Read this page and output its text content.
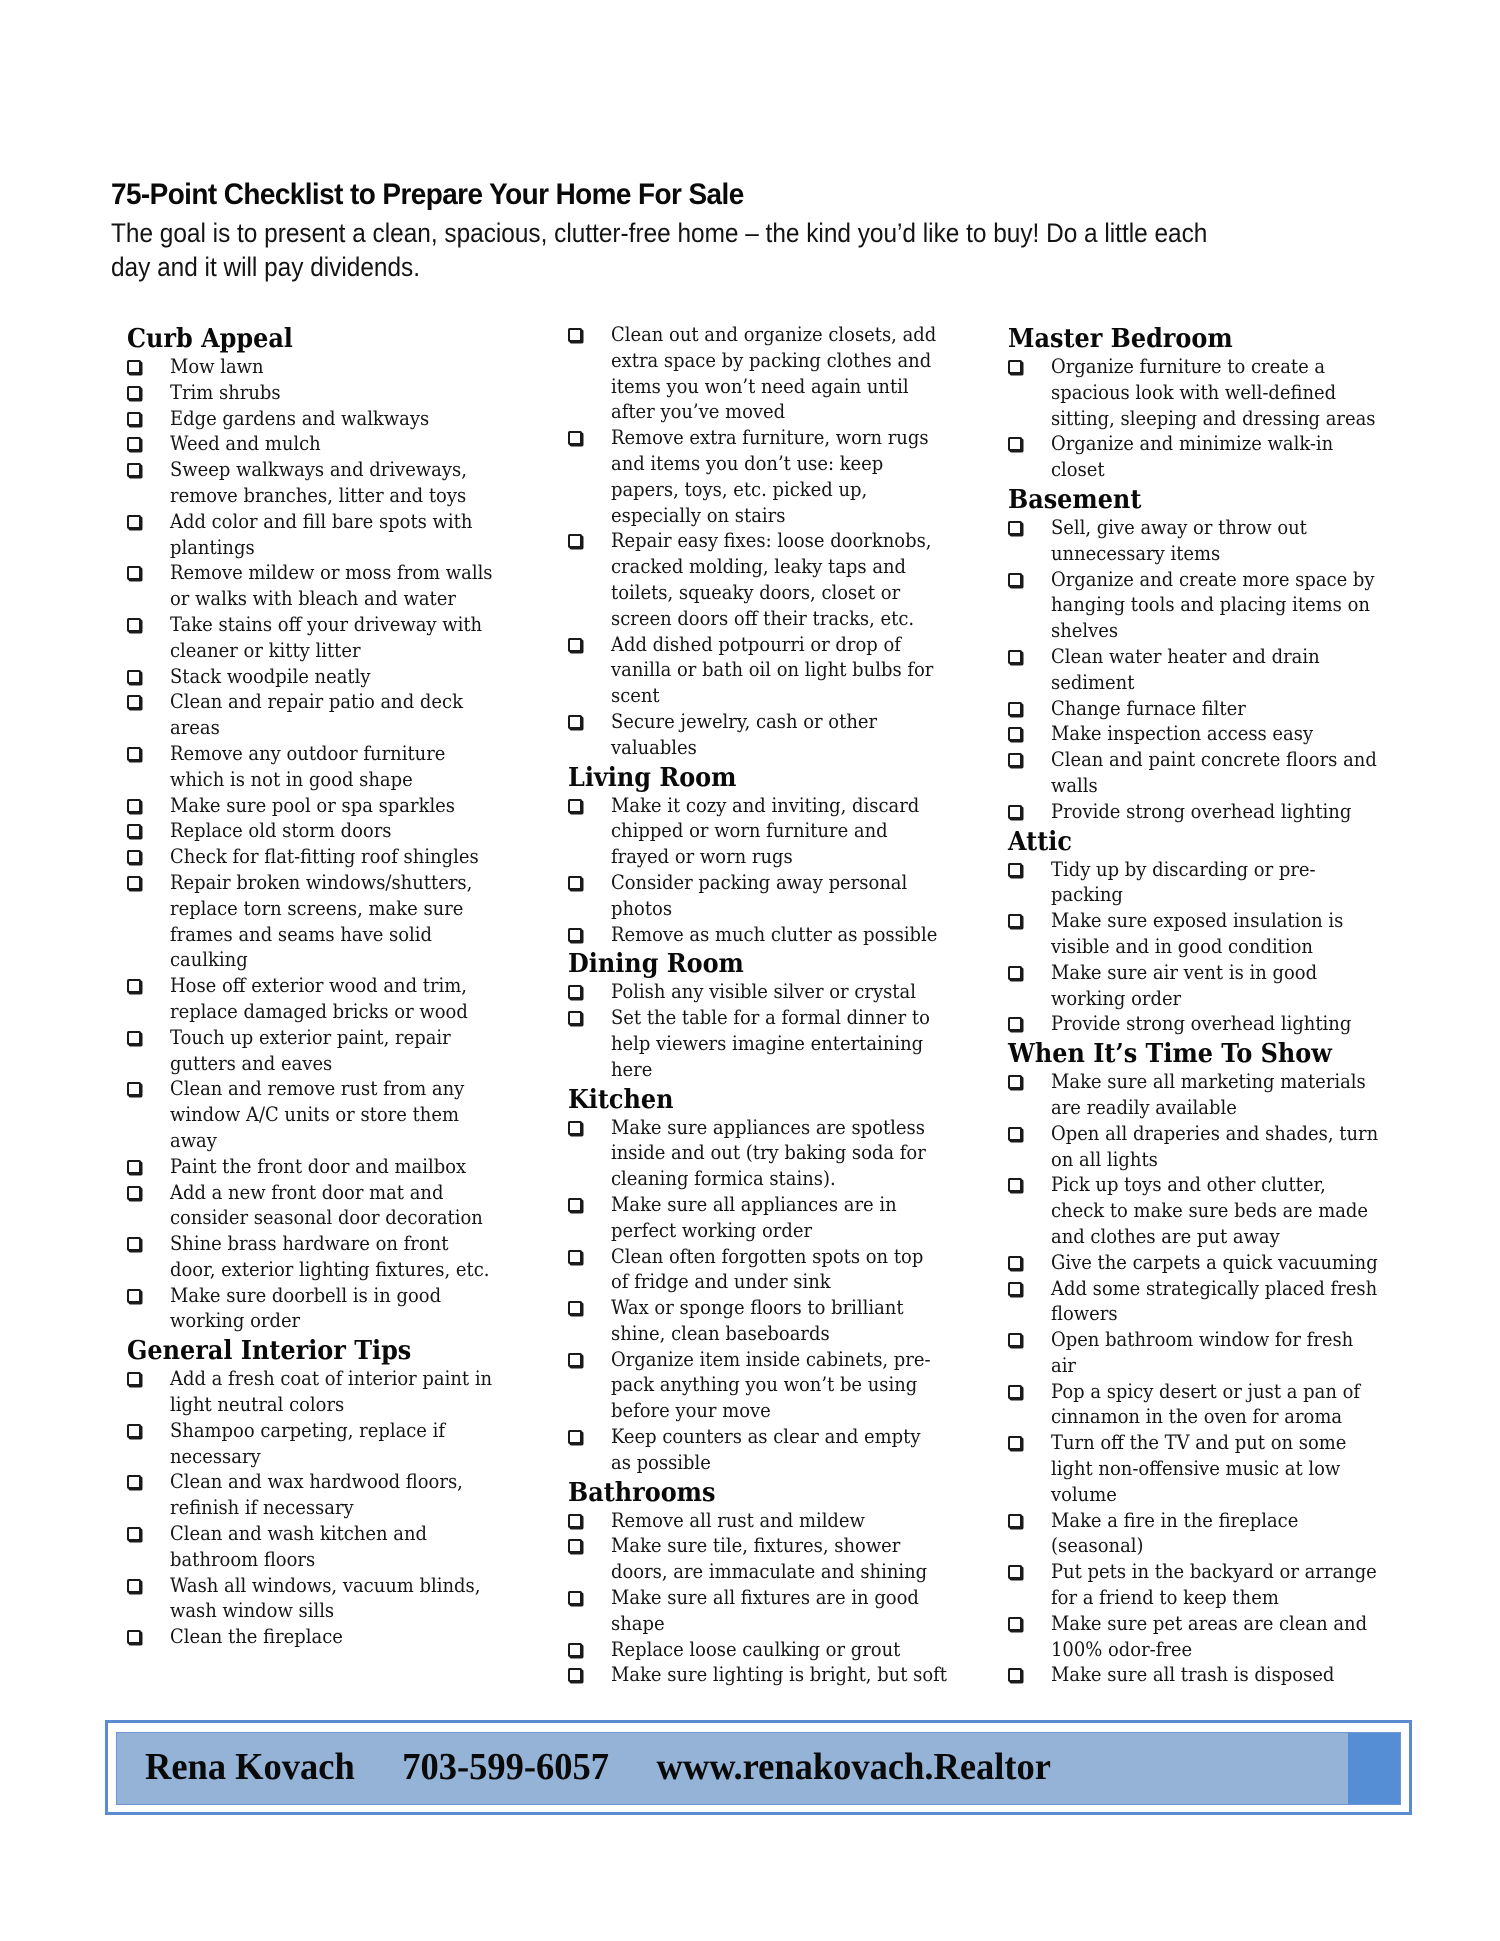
75-Point Checklist to Prepare Your Home For Sale
The goal is to present a clean, spacious, clutter-free home – the kind you’d like to buy! Do a little each
day and it will pay dividends.
Curb Appeal
Mow lawn
Trim shrubs
Edge gardens and walkways
Weed and mulch
Sweep walkways and driveways,
remove branches, litter and toys
Add color and fill bare spots with
plantings
Remove mildew or moss from walls
or walks with bleach and water
Take stains off your driveway with
cleaner or kitty litter
Stack woodpile neatly
Clean and repair patio and deck
areas
Remove any outdoor furniture
which is not in good shape
Make sure pool or spa sparkles
Replace old storm doors
Check for flat-fitting roof shingles
Repair broken windows/shutters,
replace torn screens, make sure
frames and seams have solid
caulking
Hose off exterior wood and trim,
replace damaged bricks or wood
Touch up exterior paint, repair
gutters and eaves
Clean and remove rust from any
window A/C units or store them
away
Paint the front door and mailbox
Add a new front door mat and
consider seasonal door decoration
Shine brass hardware on front
door, exterior lighting fixtures, etc.
Make sure doorbell is in good
working order
General Interior Tips
Add a fresh coat of interior paint in
light neutral colors
Shampoo carpeting, replace if
necessary
Clean and wax hardwood floors,
refinish if necessary
Clean and wash kitchen and
bathroom floors
Wash all windows, vacuum blinds,
wash window sills
Clean the fireplace
Clean out and organize closets, add
extra space by packing clothes and
items you won’t need again until
after you’ve moved
Remove extra furniture, worn rugs
and items you don’t use: keep
papers, toys, etc. picked up,
especially on stairs
Repair easy fixes: loose doorknobs,
cracked molding, leaky taps and
toilets, squeaky doors, closet or
screen doors off their tracks, etc.
Add dished potpourri or drop of
vanilla or bath oil on light bulbs for
scent
Secure jewelry, cash or other
valuables
Living Room
Make it cozy and inviting, discard
chipped or worn furniture and
frayed or worn rugs
Consider packing away personal
photos
Remove as much clutter as possible
Dining Room
Polish any visible silver or crystal
Set the table for a formal dinner to
help viewers imagine entertaining
here
Kitchen
Make sure appliances are spotless
inside and out (try baking soda for
cleaning formica stains).
Make sure all appliances are in
perfect working order
Clean often forgotten spots on top
of fridge and under sink
Wax or sponge floors to brilliant
shine, clean baseboards
Organize item inside cabinets, pre-
pack anything you won’t be using
before your move
Keep counters as clear and empty
as possible
Bathrooms
Remove all rust and mildew
Make sure tile, fixtures, shower
doors, are immaculate and shining
Make sure all fixtures are in good
shape
Replace loose caulking or grout
Make sure lighting is bright, but soft
Master Bedroom
Organize furniture to create a
spacious look with well-defined
sitting, sleeping and dressing areas
Organize and minimize walk-in
closet
Basement
Sell, give away or throw out
unnecessary items
Organize and create more space by
hanging tools and placing items on
shelves
Clean water heater and drain
sediment
Change furnace filter
Make inspection access easy
Clean and paint concrete floors and
walls
Provide strong overhead lighting
Attic
Tidy up by discarding or pre-
packing
Make sure exposed insulation is
visible and in good condition
Make sure air vent is in good
working order
Provide strong overhead lighting
When It’s Time To Show
Make sure all marketing materials
are readily available
Open all draperies and shades, turn
on all lights
Pick up toys and other clutter,
check to make sure beds are made
and clothes are put away
Give the carpets a quick vacuuming
Add some strategically placed fresh
flowers
Open bathroom window for fresh
air
Pop a spicy desert or just a pan of
cinnamon in the oven for aroma
Turn off the TV and put on some
light non-offensive music at low
volume
Make a fire in the fireplace
(seasonal)
Put pets in the backyard or arrange
for a friend to keep them
Make sure pet areas are clean and
100% odor-free
Make sure all trash is disposed
Rena Kovach 703-599-6057 www.renakovach.Realtor
